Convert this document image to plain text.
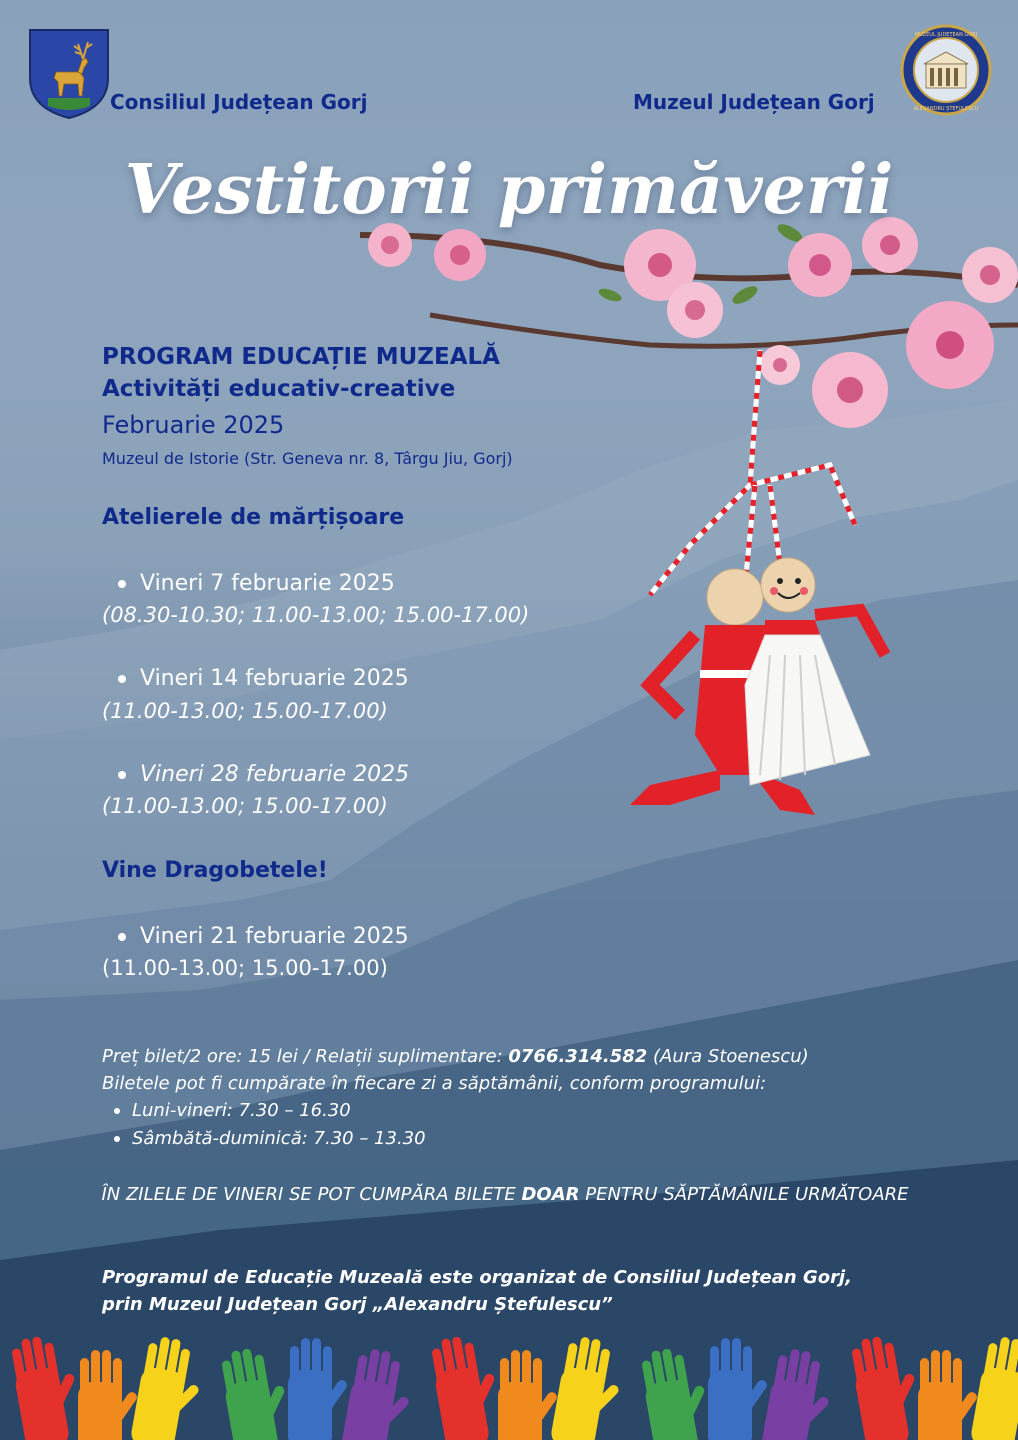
Consiliul Județean Gorj
MUZEUL JUDEȚEAN GORJ
ALEXANDRU ȘTEFULESCU
Muzeul Județean Gorj
Vestitorii primăverii
PROGRAM EDUCAȚIE MUZEALĂ
Activități educativ-creative
Februarie 2025
Muzeul de Istorie (Str. Geneva nr. 8, Târgu Jiu, Gorj)
Atelierele de mărțișoare
Vineri 7 februarie 2025
(08.30-10.30; 11.00-13.00; 15.00-17.00)
Vineri 14 februarie 2025
(11.00-13.00; 15.00-17.00)
Vineri 28 februarie 2025
(11.00-13.00; 15.00-17.00)
Vine Dragobetele!
Vineri 21 februarie 2025
(11.00-13.00; 15.00-17.00)
Preț bilet/2 ore: 15 lei / Relații suplimentare: 0766.314.582 (Aura Stoenescu)
Biletele pot fi cumpărate în fiecare zi a săptămânii, conform programului:
Luni-vineri: 7.30 – 16.30
Sâmbătă-duminică: 7.30 – 13.30
ÎN ZILELE DE VINERI SE POT CUMPĂRA BILETE DOAR PENTRU SĂPTĂMÂNILE URMĂTOARE
Programul de Educație Muzeală este organizat de Consiliul Județean Gorj,
prin Muzeul Județean Gorj „Alexandru Ștefulescu”
